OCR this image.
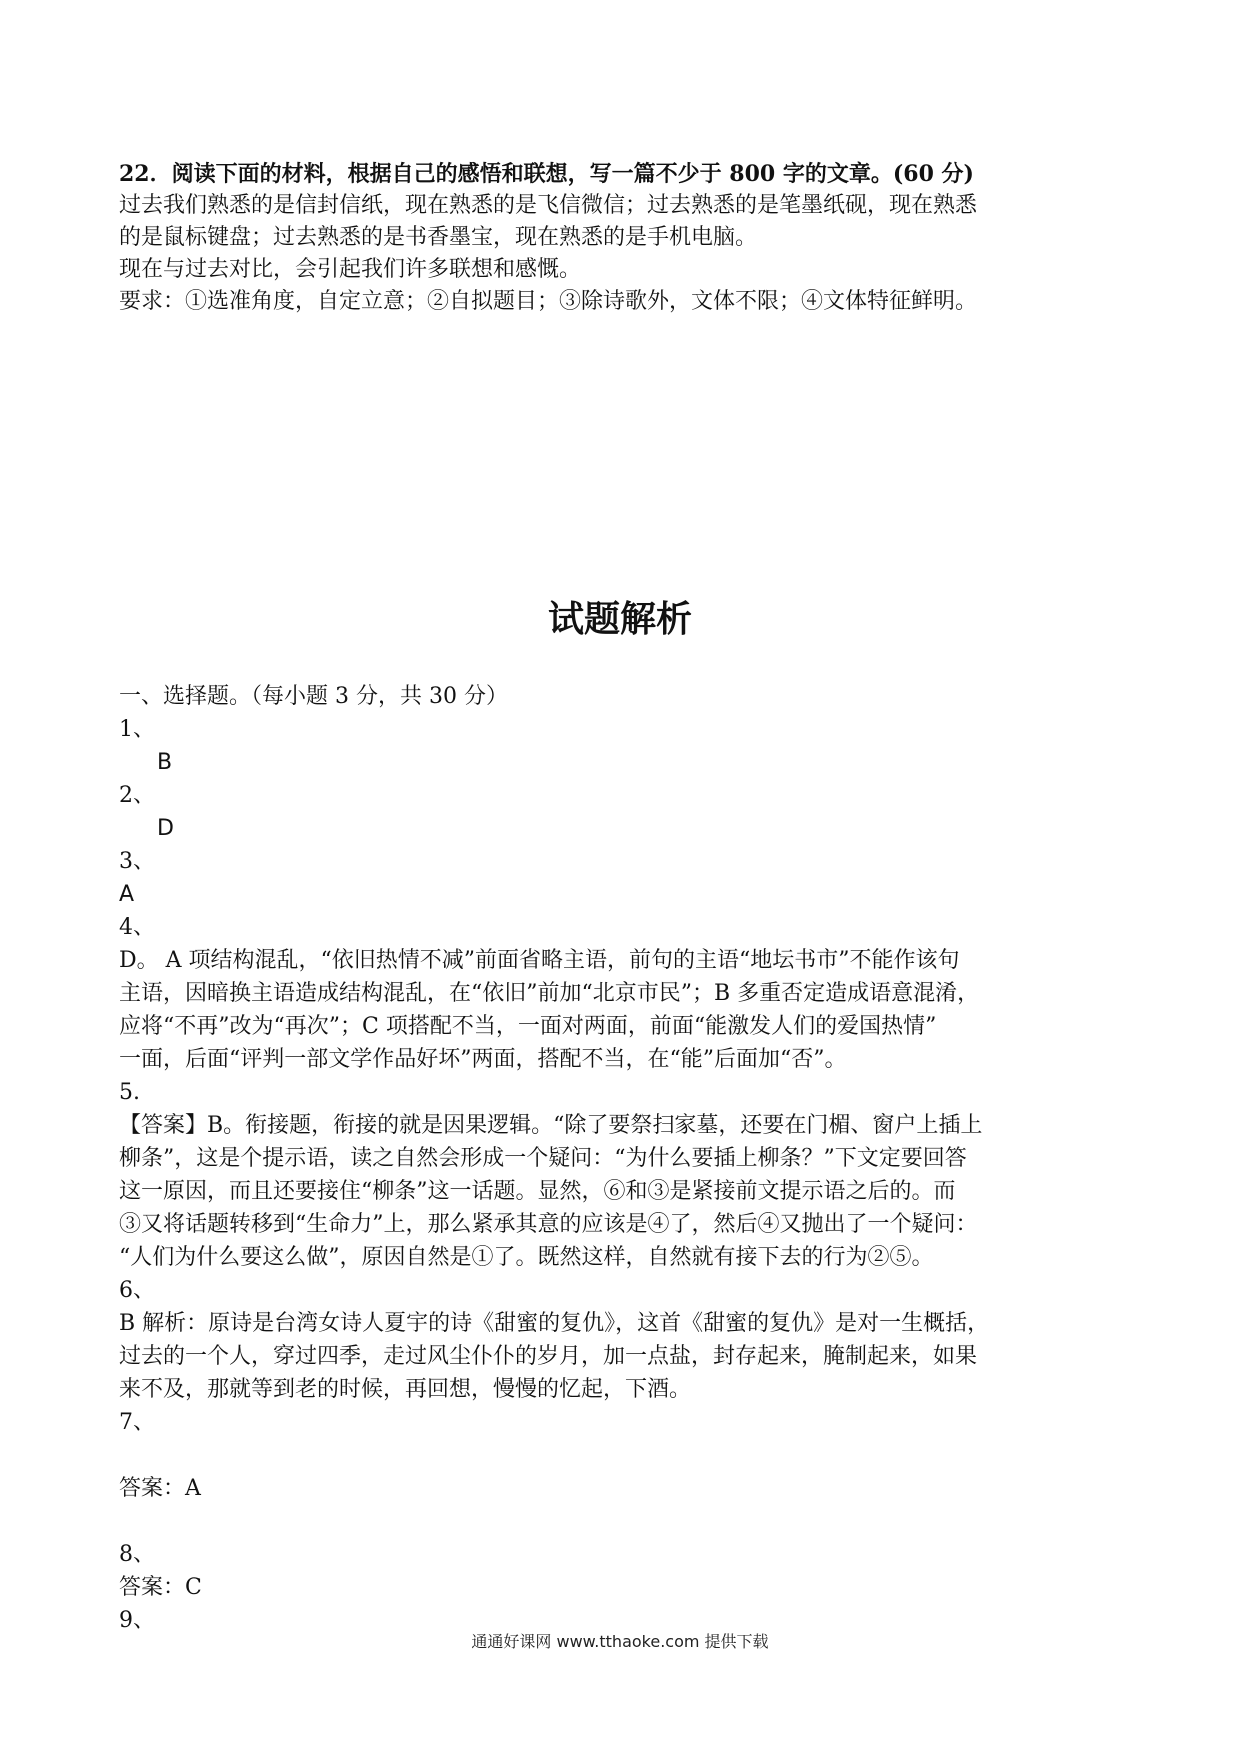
22．阅读下面的材料，根据自己的感悟和联想，写一篇不少于 800 字的文章。(60 分)
过去我们熟悉的是信封信纸，现在熟悉的是飞信微信；过去熟悉的是笔墨纸砚，现在熟悉
的是鼠标键盘；过去熟悉的是书香墨宝，现在熟悉的是手机电脑。
现在与过去对比，会引起我们许多联想和感慨。
要求：①选准角度，自定立意；②自拟题目；③除诗歌外，文体不限；④文体特征鲜明。
试题解析
一、选择题。（每小题 3 分，共 30 分）
1、
B
2、
D
3、
A
4、
D。 A 项结构混乱，“依旧热情不减”前面省略主语，前句的主语“地坛书市”不能作该句
主语，因暗换主语造成结构混乱，在“依旧”前加“北京市民”；B 多重否定造成语意混淆，
应将“不再”改为“再次”；C 项搭配不当，一面对两面，前面“能激发人们的爱国热情”
一面，后面“评判一部文学作品好坏”两面，搭配不当，在“能”后面加“否”。
5.
【答案】B。衔接题，衔接的就是因果逻辑。“除了要祭扫家墓，还要在门楣、窗户上插上
柳条”，这是个提示语，读之自然会形成一个疑问：“为什么要插上柳条？”下文定要回答
这一原因，而且还要接住“柳条”这一话题。显然，⑥和③是紧接前文提示语之后的。而
③又将话题转移到“生命力”上，那么紧承其意的应该是④了，然后④又抛出了一个疑问：
“人们为什么要这么做”，原因自然是①了。既然这样，自然就有接下去的行为②⑤。
6、
B 解析：原诗是台湾女诗人夏宇的诗《甜蜜的复仇》，这首《甜蜜的复仇》是对一生概括，
过去的一个人，穿过四季，走过风尘仆仆的岁月，加一点盐，封存起来，腌制起来，如果
来不及，那就等到老的时候，再回想，慢慢的忆起，下酒。
7、
答案：A
8、
答案：C
9、
通通好课网 www.tthaoke.com 提供下载
